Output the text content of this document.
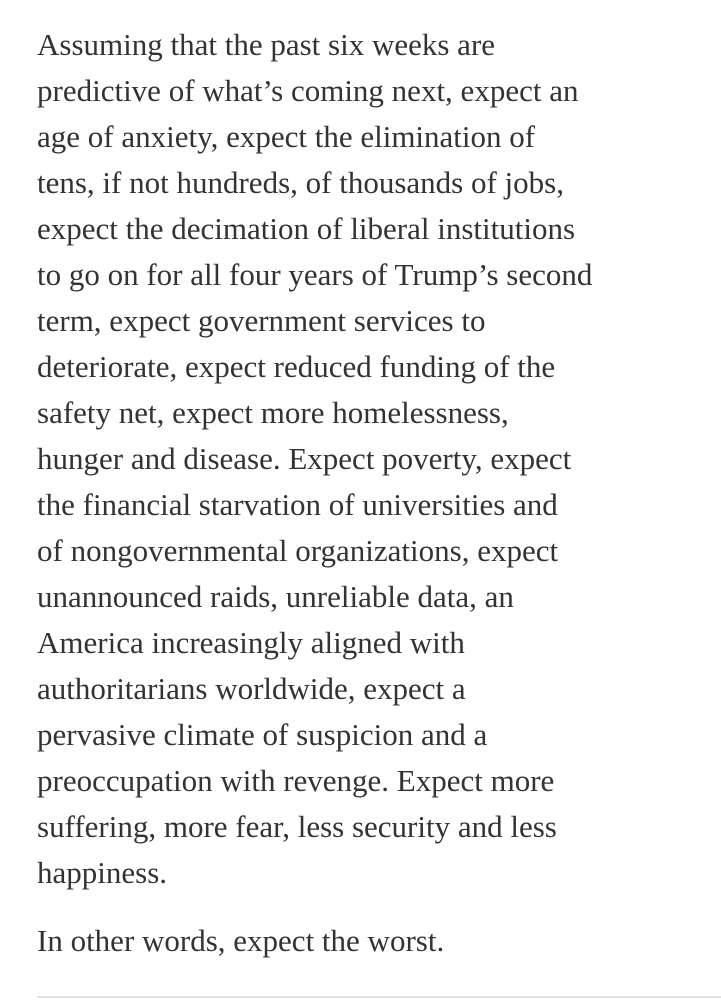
Assuming that the past six weeks are
predictive of what’s coming next, expect an
age of anxiety, expect the elimination of
tens, if not hundreds, of thousands of jobs,
expect the decimation of liberal institutions
to go on for all four years of Trump’s second
term, expect government services to
deteriorate, expect reduced funding of the
safety net, expect more homelessness,
hunger and disease. Expect poverty, expect
the financial starvation of universities and
of nongovernmental organizations, expect
unannounced raids, unreliable data, an
America increasingly aligned with
authoritarians worldwide, expect a
pervasive climate of suspicion and a
preoccupation with revenge. Expect more
suffering, more fear, less security and less
happiness.

In other words, expect the worst.
